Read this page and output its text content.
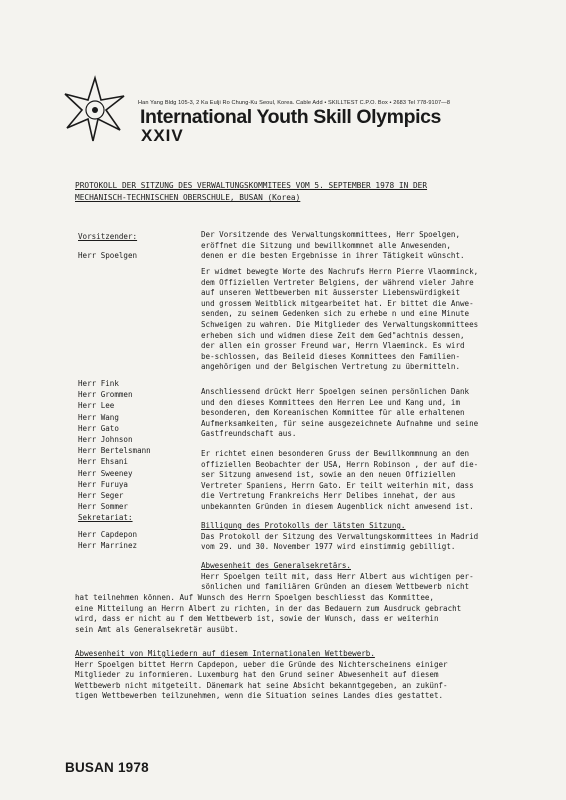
Han Yang Bldg 105-3, 2 Ka Eulji Ro Chung-Ku Seoul, Korea. Cable Add • SKILLTEST C.P.O. Box • 2683 Tel 778-9107—8
International Youth Skill Olympics
XXIV
PROTOKOLL DER SITZUNG DES VERWALTUNGSKOMMITEES VOM 5. SEPTEMBER 1978 IN DER
MECHANISCH-TECHNISCHEN OBERSCHULE, BUSAN (Korea)
Vorsitzender:
Herr Spoelgen
Herr Fink
Herr Grommen
Herr Lee
Herr Wang
Herr Gato
Herr Johnson
Herr Bertelsmann
Herr Ehsani
Herr Sweeney
Herr Furuya
Herr Seger
Herr Sommer
Sekretariat:
Herr Capdepon
Herr Marrinez
Der Vorsitzende des Verwaltungskommittees, Herr Spoelgen,
eröffnet die Sitzung und bewillkommnet alle Anwesenden,
denen er die besten Ergebnisse in ihrer Tätigkeit wünscht.
Er widmet bewegte Worte des Nachrufs Herrn Pierre Vlaomminck,
dem Offiziellen Vertreter Belgiens, der während vieler Jahre
auf unseren Wettbewerben mit äusserster Liebenswürdigkeit
und grossem Weitblick mitgearbeitet hat. Er bittet die Anwe-
senden, zu seinem Gedenken sich zu erhebe n und eine Minute
Schweigen zu wahren. Die Mitglieder des Verwaltungskommittees
erheben sich und widmen diese Zeit dem Ged"achtnis dessen,
der allen ein grosser Freund war, Herrn Vlaeminck. Es wird
be-schlossen, das Beileid dieses Kommittees den Familien-
angehörigen und der Belgischen Vertretung zu übermitteln.
Anschliessend drückt Herr Spoelgen seinen persönlichen Dank
und den dieses Kommittees den Herren Lee und Kang und, im
besonderen, dem Koreanischen Kommittee für alle erhaltenen
Aufmerksamkeiten, für seine ausgezeichnete Aufnahme und seine
Gastfreundschaft aus.
Er richtet einen besonderen Gruss der Bewillkommnung an den
offiziellen Beobachter der USA, Herrn Robinson , der auf die-
ser Sitzung anwesend ist, sowie an den neuen Offiziellen
Vertreter Spaniens, Herrn Gato. Er teilt weiterhin mit, dass
die Vertretung Frankreichs Herr Delibes innehat, der aus
unbekannten Gründen in diesem Augenblick nicht anwesend ist.
Billigung des Protokolls der lätsten Sitzung.
Das Protokoll der Sitzung des Verwaltungskommittees in Madrid
vom 29. und 30. November 1977 wird einstimmig gebilligt.
Abwesenheit des Generalsekretärs.
Herr Spoelgen teilt mit, dass Herr Albert aus wichtigen per-
sönlichen und familiären Gründen an diesem Wettbewerb nicht
hat teilnehmen können. Auf Wunsch des Herrn Spoelgen beschliesst das Kommittee,
eine Mitteilung an Herrn Albert zu richten, in der das Bedauern zum Ausdruck gebracht
wird, dass er nicht au f dem Wettbewerb ist, sowie der Wunsch, dass er weiterhin
sein Amt als Generalsekretär ausübt.
Abwesenheit von Mitgliedern auf diesem Internationalen Wettbewerb.
Herr Spoelgen bittet Herrn Capdepon, ueber die Gründe des Nichterscheinens einiger
Mitglieder zu informieren. Luxemburg hat den Grund seiner Abwesenheit auf diesem
Wettbewerb nicht mitgeteilt. Dänemark hat seine Absicht bekanntgegeben, an zukünf-
tigen Wettbewerben teilzunehmen, wenn die Situation seines Landes dies gestattet.
BUSAN 1978
